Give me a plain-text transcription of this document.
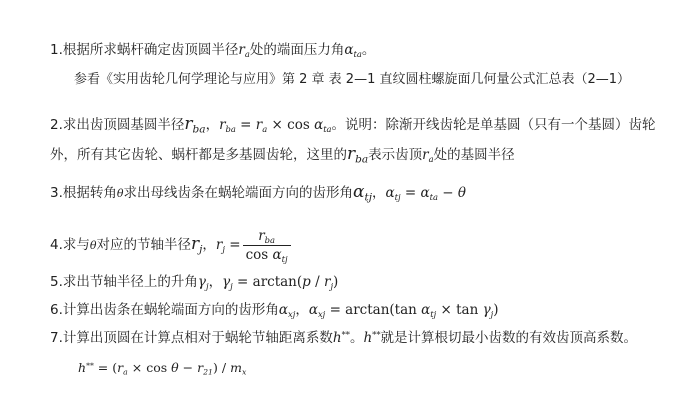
1.根据所求蜗杆确定齿顶圆半径$r_a$处的端面压力角$\alpha_{ta}$。
参看《实用齿轮几何学理论与应用》第 2 章 表 2—1 直纹圆柱螺旋面几何量公式汇总表（2—1）
2.求出齿顶圆基圆半径$r_{ba}$，$r_{ba} = r_a \times \cos \alpha_{ta}$。说明：除渐开线齿轮是单基圆（只有一个基圆）齿轮
外，所有其它齿轮、蜗杆都是多基圆齿轮，这里的$r_{ba}$表示齿顶$r_a$处的基圆半径
3.根据转角θ求出母线齿条在蜗轮端面方向的齿形角$\alpha_{tj}$，$\alpha_{tj} = \alpha_{ta} - \theta$
4.求与θ对应的节轴半径$r_j$，$r_j = \frac{r_{ba}}{\cos \alpha_{tj}}$
5.求出节轴半径上的升角$\gamma_j$，$\gamma_j = \arctan(p / r_j)$
6.计算出齿条在蜗轮端面方向的齿形角$\alpha_{xj}$，$\alpha_{xj} = \arctan(\tan$ $\alpha_{tj} \times \tan \gamma_j$)
7.计算出顶圆在计算点相对于蜗轮节轴距离系数h**。h**就是计算根切最小齿数的有效齿顶高系数。
$h^{**} = (r_a \times \cos \theta - r_{21}) / m_x$
